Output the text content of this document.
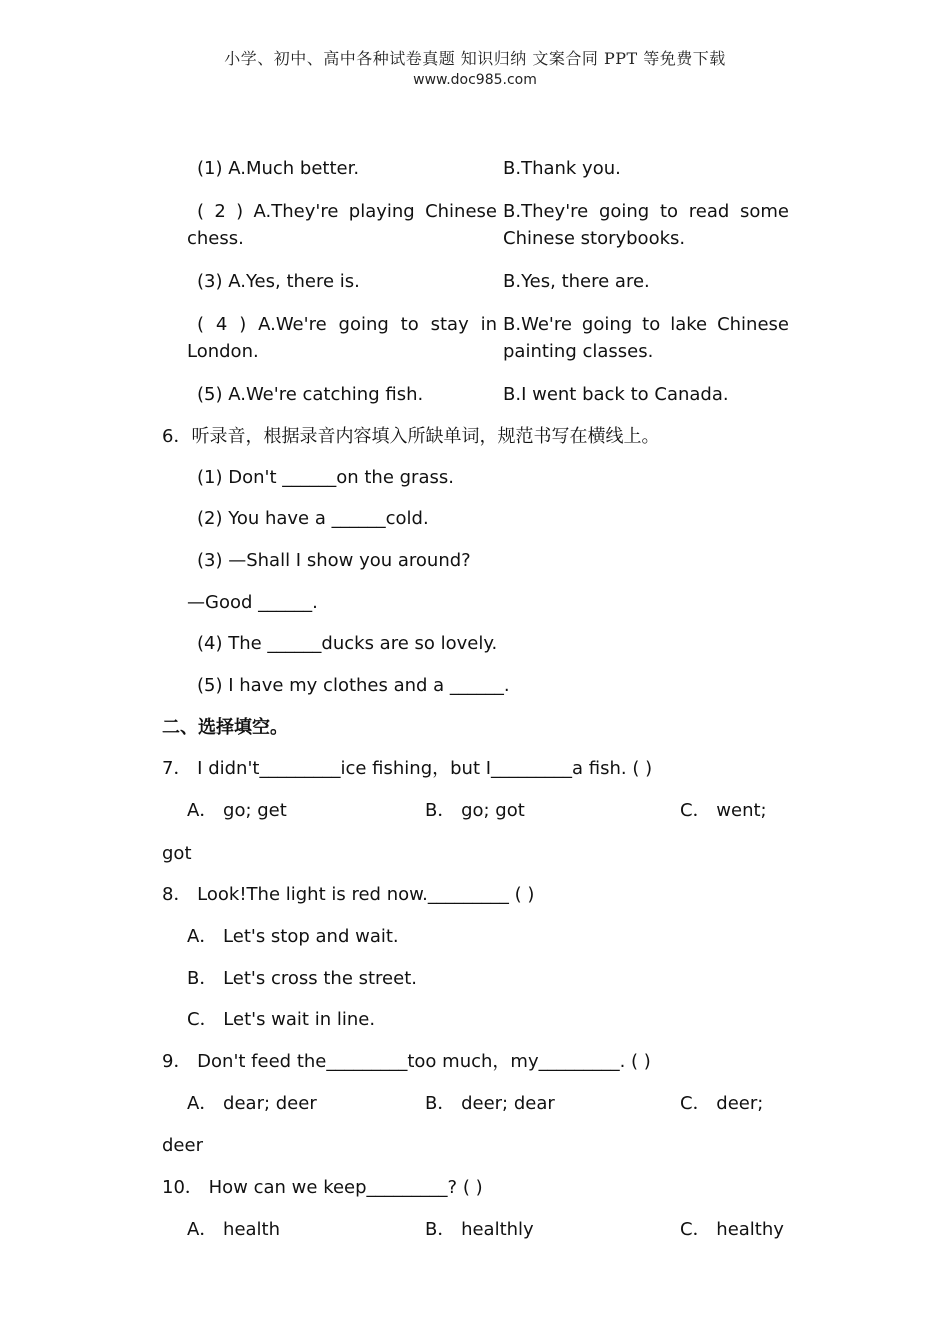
小学、初中、高中各种试卷真题 知识归纳 文案合同 PPT 等免费下载
www.doc985.com
(1) A.Much better.	B.Thank you.
( 2 ) A.They're playing Chinese
chess.
B.They're going to read some
Chinese storybooks.
(3) A.Yes, there is.	B.Yes, there are.
( 4 ) A.We're going to stay in
London.
B.We're going to lake Chinese
painting classes.
(5) A.We're catching fish.	B.I went back to Canada.
6．听录音，根据录音内容填入所缺单词，规范书写在横线上。
(1) Don't ______on the grass.
(2) You have a ______cold.
(3) —Shall I show you around?
—Good ______.
(4) The ______ducks are so lovely.
(5) I have my clothes and a ______.
二、选择填空。
7． I didn't_________ice fishing，but I_________a fish. ( )
A． go; get	B． go; got	C． went;
got
8． Look!The light is red now._________ ( )
A． Let's stop and wait.
B． Let's cross the street.
C． Let's wait in line.
9． Don't feed the_________too much，my_________. ( )
A． dear; deer	B． deer; dear	C． deer;
deer
10． How can we keep_________? ( )
A． health	B． healthly	C． healthy
